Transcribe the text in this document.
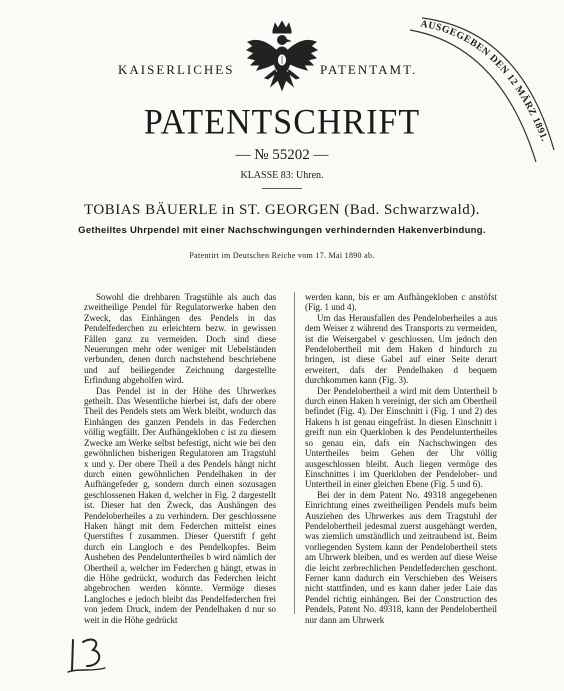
KAISERLICHES	PATENTAMT.
PATENTSCHRIFT
— № 55202 —
KLASSE 83: Uhren.
TOBIAS BÄUERLE in ST. GEORGEN (Bad. Schwarzwald).
Getheiltes Uhrpendel mit einer Nachschwingungen verhindernden Hakenverbindung.
Patentirt im Deutschen Reiche vom 17. Mai 1890 ab.
AUSGEGEBEN DEN 12 MÄRZ 1891.

Sowohl die drehbaren Tragstühle als auch das zweitheilige Pendel für Regulatorwerke haben den Zweck, das Einhängen des Pendels in das Pendelfederchen zu erleichtern bezw. in gewissen Fällen ganz zu vermeiden. Doch sind diese Neuerungen mehr oder weniger mit Uebelständen verbunden, denen durch nachstehend beschriebene und auf beiliegender Zeichnung dargestellte Erfindung abgeholfen wird.

Das Pendel ist in der Höhe des Uhrwerkes getheilt. Das Wesentliche hierbei ist, dafs der obere Theil des Pendels stets am Werk bleibt, wodurch das Einhängen des ganzen Pendels in das Federchen völlig wegfällt. Der Aufhängekloben c ist zu diesem Zwecke am Werke selbst befestigt, nicht wie bei den gewöhnlichen bisherigen Regulatoren am Tragstuhl x und y. Der obere Theil a des Pendels hängt nicht durch einen gewöhnlichen Pendelhaken in der Aufhängefeder g, sondern durch einen sozusagen geschlossenen Haken d, welcher in Fig. 2 dargestellt ist. Dieser hat den Zweck, das Aushängen des Pendeloberheiles a zu verhindern. Der geschlossene Haken hängt mit dem Federchen mittelst eines Querstiftes f zusammen. Dieser Querstift f geht durch ein Langloch e des Pendelkopfes. Beim Ausheben des Pendeluntertheiles b wird nämlich der Obertheil a, welcher im Federchen g hängt, etwas in die Höhe gedrückt, wodurch das Federchen leicht abgebrochen werden könnte. Vermöge dieses Langloches e jedoch bleibt das Pendelfederchen frei von jedem Druck, indem der Pendelhaken d nur so weit in die Höhe gedrückt

werden kann, bis er am Aufhängekloben c anstöfst (Fig. 1 und 4).

Um das Herausfallen des Pendeloberheiles a aus dem Weiser z während des Transports zu vermeiden, ist die Weisergabel v geschlossen. Um jedoch den Pendelobertheil mit dem Haken d hindurch zu bringen, ist diese Gabel auf einer Seite derart erweitert, dafs der Pendelhaken d bequem durchkommen kann (Fig. 3).

Der Pendelobertheil a wird mit dem Untertheil b durch einen Haken h vereinigt, der sich am Obertheil befindet (Fig. 4). Der Einschnitt i (Fig. 1 und 2) des Hakens h ist genau eingefräst. In diesen Einschnitt i greift nun ein Querkloben k des Pendeluntertheiles so genau ein, dafs ein Nachschwingen des Untertheiles beim Gehen der Uhr völlig ausgeschlossen bleibt. Auch liegen vermöge des Einschnittes i im Querkloben der Pendelober- und Untertheil in einer gleichen Ebene (Fig. 5 und 6).

Bei der in dem Patent No. 49318 angegebenen Einrichtung eines zweitheiligen Pendels mufs beim Ausziehen des Uhrwerkes aus dem Tragstuhl der Pendelobertheil jedesmal zuerst ausgehängt werden, was ziemlich umständlich und zeitraubend ist. Beim vorliegenden System kann der Pendelobertheil stets am Uhrwerk bleiben, und es werden auf diese Weise die leicht zerbrechlichen Pendelfederchen geschont. Ferner kann dadurch ein Verschieben des Weisers nicht stattfinden, und es kann daher jeder Laie das Pendel richtig einhängen. Bei der Construction des Pendels, Patent No. 49318, kann der Pendelobertheil nur dann am Uhrwerk
